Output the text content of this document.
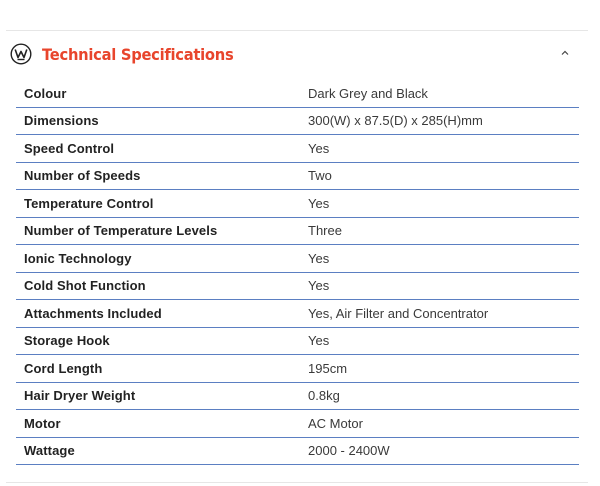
Technical Specifications
Colour	Dark Grey and Black
Dimensions	300(W) x 87.5(D) x 285(H)mm
Speed Control	Yes
Number of Speeds	Two
Temperature Control	Yes
Number of Temperature Levels	Three
Ionic Technology	Yes
Cold Shot Function	Yes
Attachments Included	Yes, Air Filter and Concentrator
Storage Hook	Yes
Cord Length	195cm
Hair Dryer Weight	0.8kg
Motor	AC Motor
Wattage	2000 - 2400W
